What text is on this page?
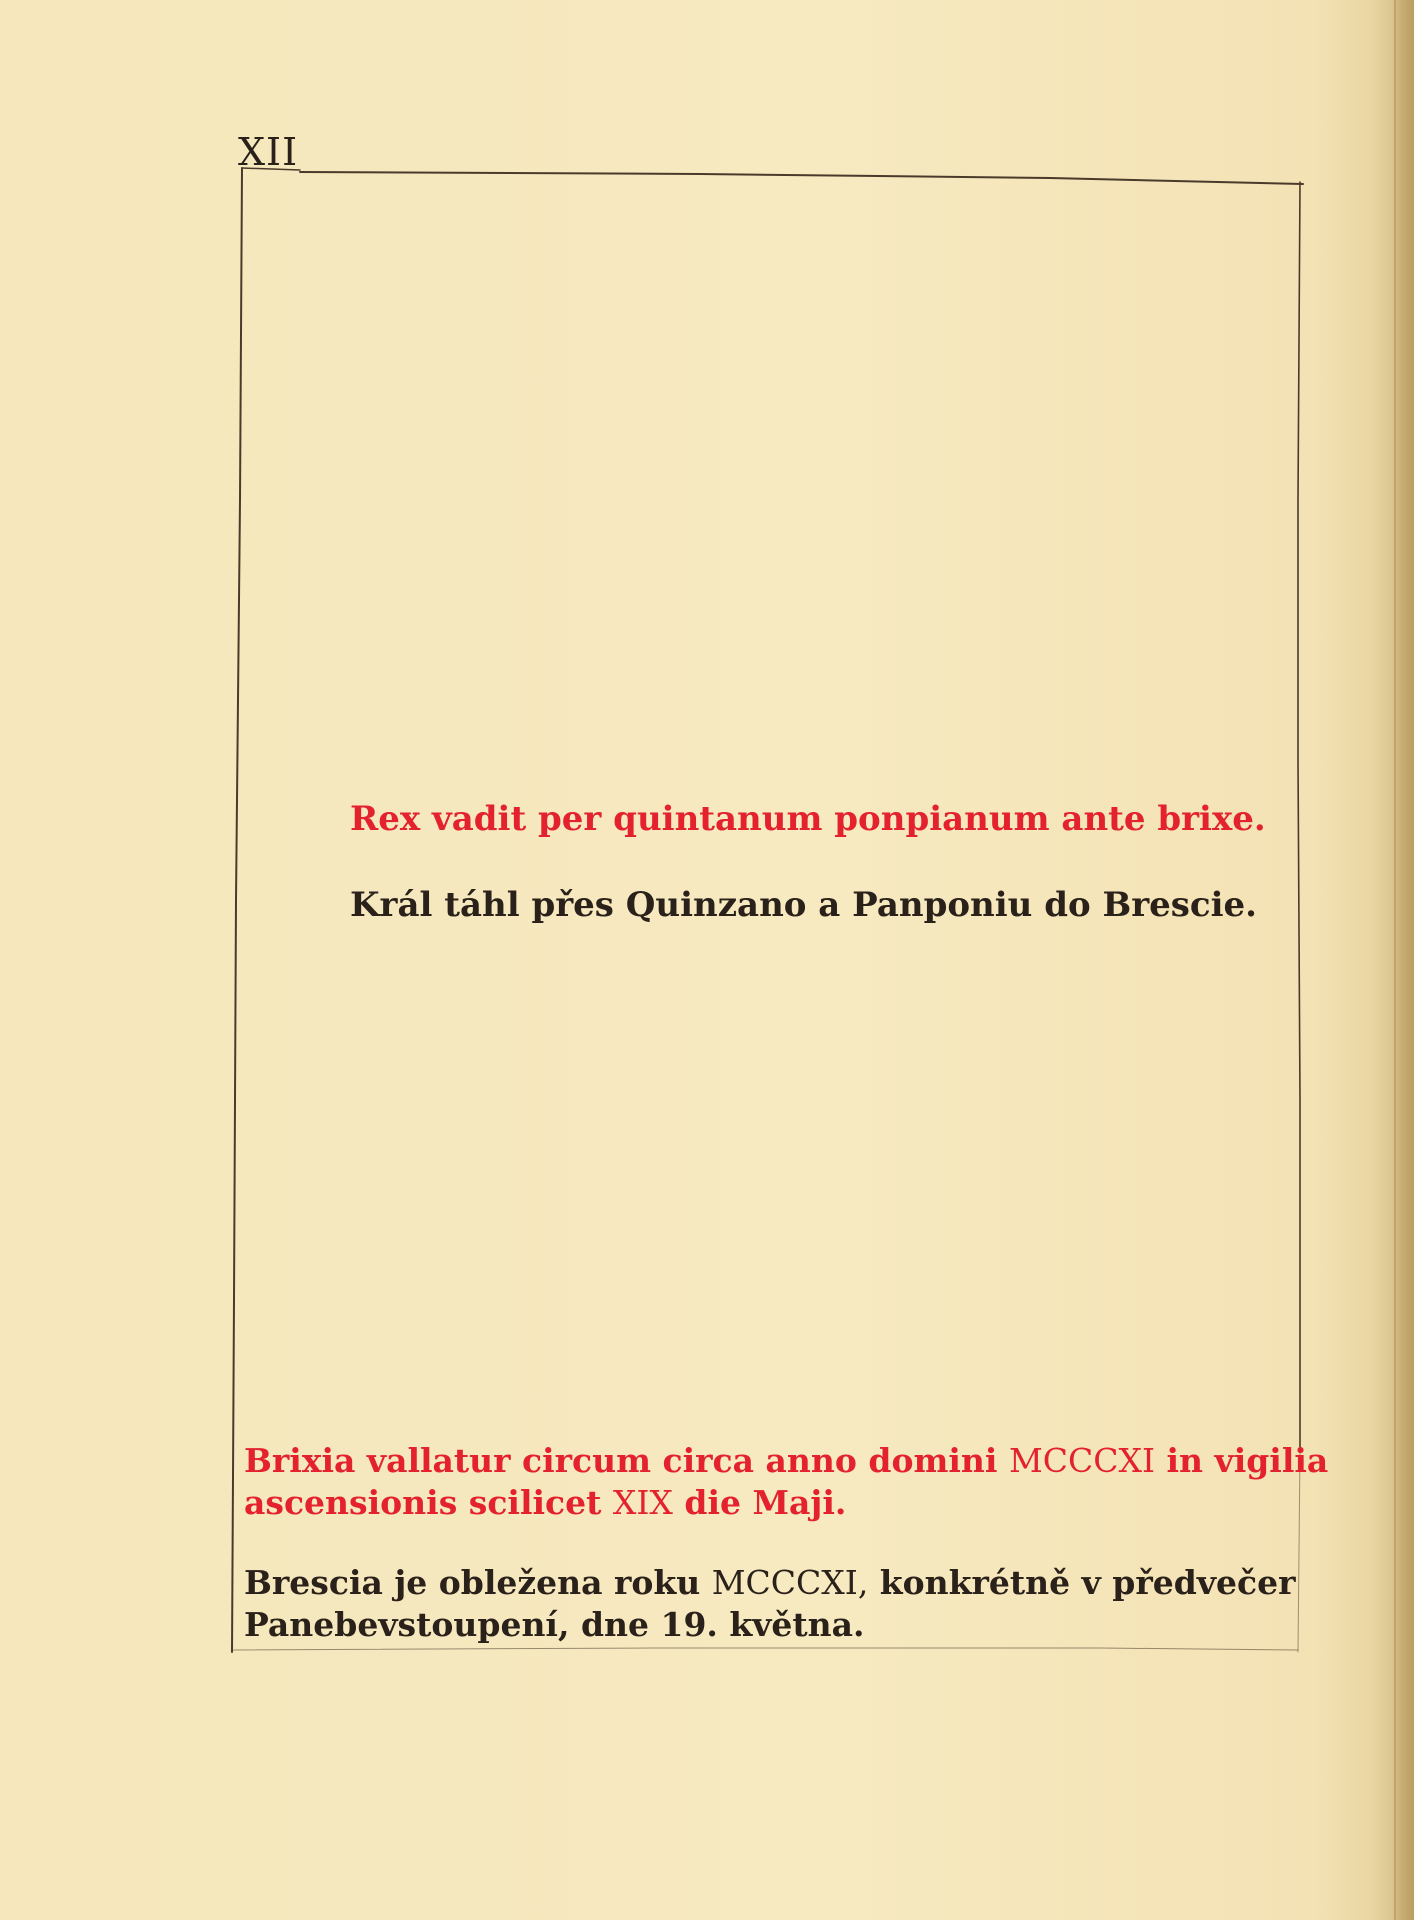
XII
Rex vadit per quintanum ponpianum ante brixe.
Král táhl přes Quinzano a Panponiu do Brescie.
Brixia vallatur circum circa anno domini MCCCXI in vigilia
ascensionis scilicet XIX die Maji.
Brescia je obležena roku MCCCXI, konkrétně v předvečer
Panebevstoupení, dne 19. května.
